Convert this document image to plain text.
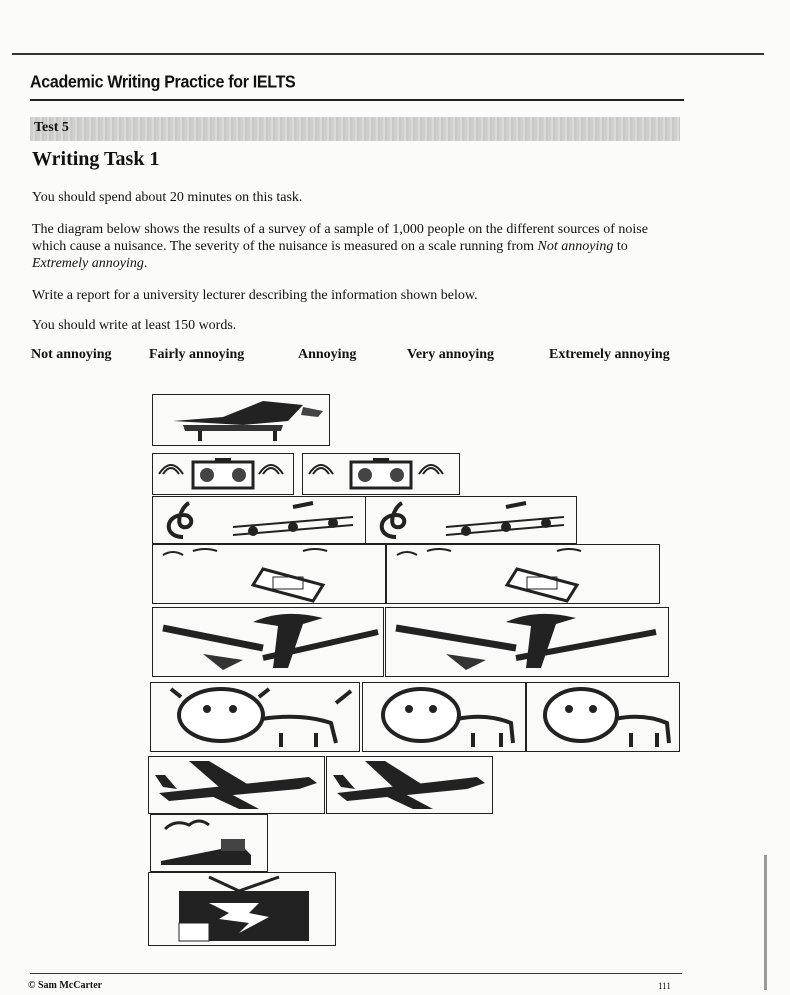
Academic Writing Practice for IELTS
Test 5
Writing Task 1
You should spend about 20 minutes on this task.
The diagram below shows the results of a survey of a sample of 1,000 people on the different sources of noise which cause a nuisance. The severity of the nuisance is measured on a scale running from Not annoying to Extremely annoying.
Write a report for a university lecturer describing the information shown below.
You should write at least 150 words.
Not annoying	Fairly annoying	Annoying	Very annoying	Extremely annoying
© Sam McCarter	111
